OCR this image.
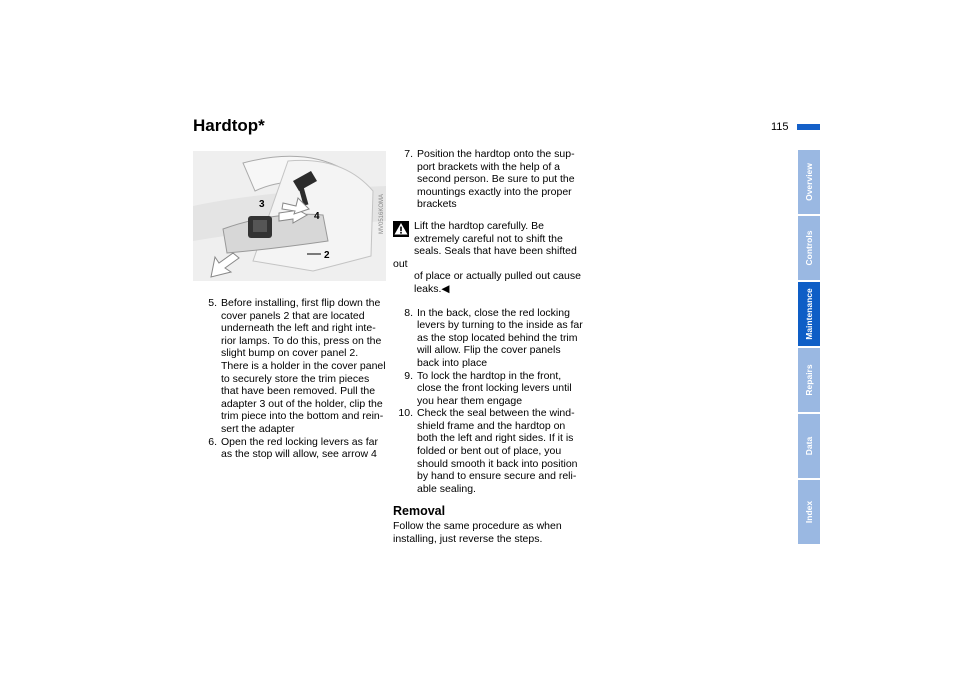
Hardtop*	115
Overview
Controls
Maintenance
Repairs
Data
Index
3
4
2
MV0516KOMA
5. Before installing, first flip down the
cover panels 2 that are located
underneath the left and right inte-
rior lamps. To do this, press on the
slight bump on cover panel 2.
There is a holder in the cover panel
to securely store the trim pieces
that have been removed. Pull the
adapter 3 out of the holder, clip the
trim piece into the bottom and rein-
sert the adapter
6. Open the red locking levers as far
as the stop will allow, see arrow 4
7. Position the hardtop onto the sup-
port brackets with the help of a
second person. Be sure to put the
mountings exactly into the proper
brackets
Lift the hardtop carefully. Be
extremely careful not to shift the
seals. Seals that have been shifted out
of place or actually pulled out cause
leaks.◀
8. In the back, close the red locking
levers by turning to the inside as far
as the stop located behind the trim
will allow. Flip the cover panels
back into place
9. To lock the hardtop in the front,
close the front locking levers until
you hear them engage
10. Check the seal between the wind-
shield frame and the hardtop on
both the left and right sides. If it is
folded or bent out of place, you
should smooth it back into position
by hand to ensure secure and reli-
able sealing.
Removal
Follow the same procedure as when
installing, just reverse the steps.
